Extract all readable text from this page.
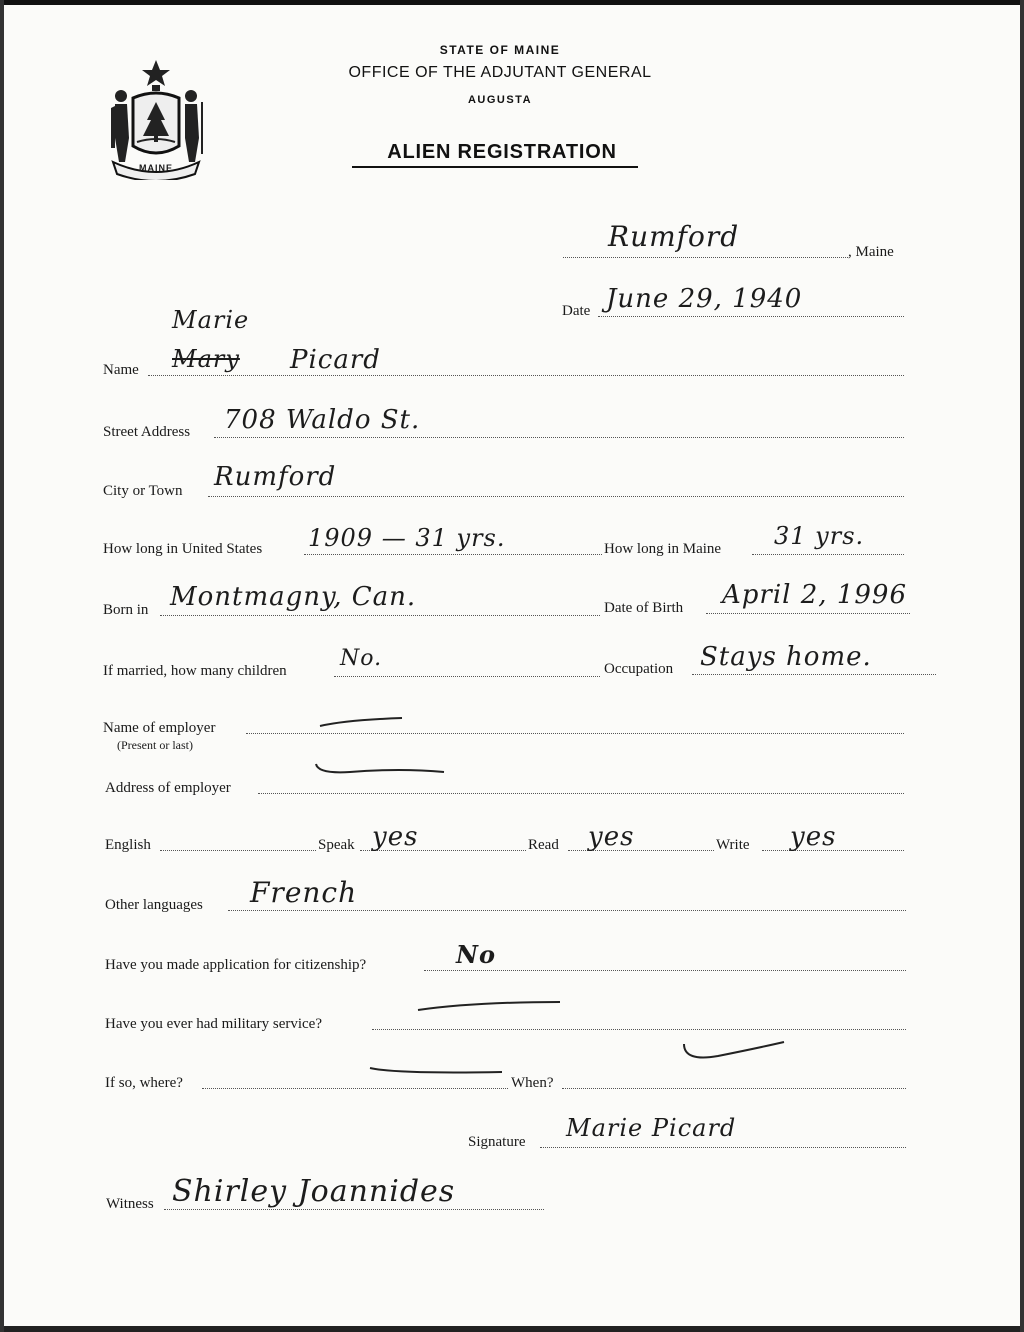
MAINE
STATE OF MAINE
OFFICE OF THE ADJUTANT GENERAL
AUGUSTA
ALIEN REGISTRATION
Rumford	, Maine
Date June 29, 1940
Marie
Name Mary Picard
Street Address 708 Waldo St.
City or Town Rumford
How long in United States 1909 — 31 yrs.	How long in Maine 31 yrs.
Born in Montmagny, Can.	Date of Birth April 2, 1996
If married, how many children No.	Occupation Stays home.
Name of employer
(Present or last)
Address of employer
English	Speak yes	Read yes	Write yes
Other languages French
Have you made application for citizenship?	No
Have you ever had military service?
If so, where?	When?
Signature Marie Picard
Witness Shirley Joannides
